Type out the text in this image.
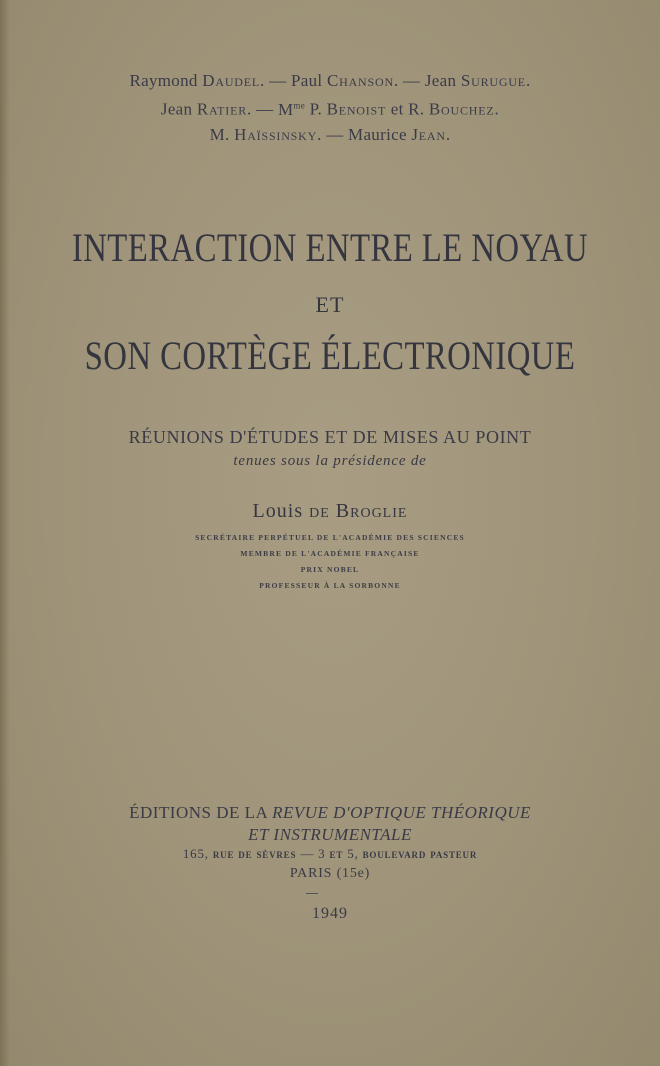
Raymond Daudel. — Paul Chanson. — Jean Surugue.
Jean Ratier. — $M^{me}$ P. Benoist et R. Bouchez.
M. Haïssinsky. — Maurice Jean.
INTERACTION ENTRE LE NOYAU
ET
SON CORTÈGE ÉLECTRONIQUE
RÉUNIONS D'ÉTUDES ET DE MISES AU POINT
tenues sous la présidence de
Louis de Broglie
SECRÉTAIRE PERPÉTUEL DE L'ACADÉMIE DES SCIENCES
MEMBRE DE L'ACADÉMIE FRANÇAISE
PRIX NOBEL
PROFESSEUR À LA SORBONNE
ÉDITIONS DE LA REVUE D'OPTIQUE THÉORIQUE
ET INSTRUMENTALE
165, rue de sèvres — 3 et 5, boulevard pasteur
PARIS (15e)
1949
